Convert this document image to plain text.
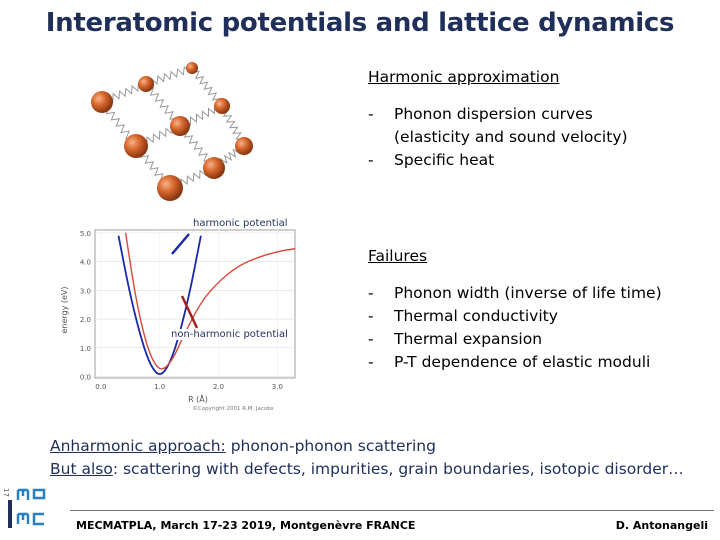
Interatomic potentials and lattice dynamics
Harmonic approximation
- Phonon dispersion curves
(elasticity and sound velocity)
- Specific heat
Failures
- Phonon width (inverse of life time)
- Thermal conductivity
- Thermal expansion
- P-T dependence of elastic moduli
0.0
1.0
2.0
3.0
4.0
5.0
0.0	1.0	2.0	3.0
energy (eV)
R (Å)
©Copyright 2001 R.M. Jacobs
harmonic potential
non-harmonic potential
Anharmonic approach: phonon-phonon scattering
But also: scattering with defects, impurities, grain boundaries, isotopic disorder…
17
MECMATPLA, March 17-23 2019, Montgenèvre FRANCE	D. Antonangeli
